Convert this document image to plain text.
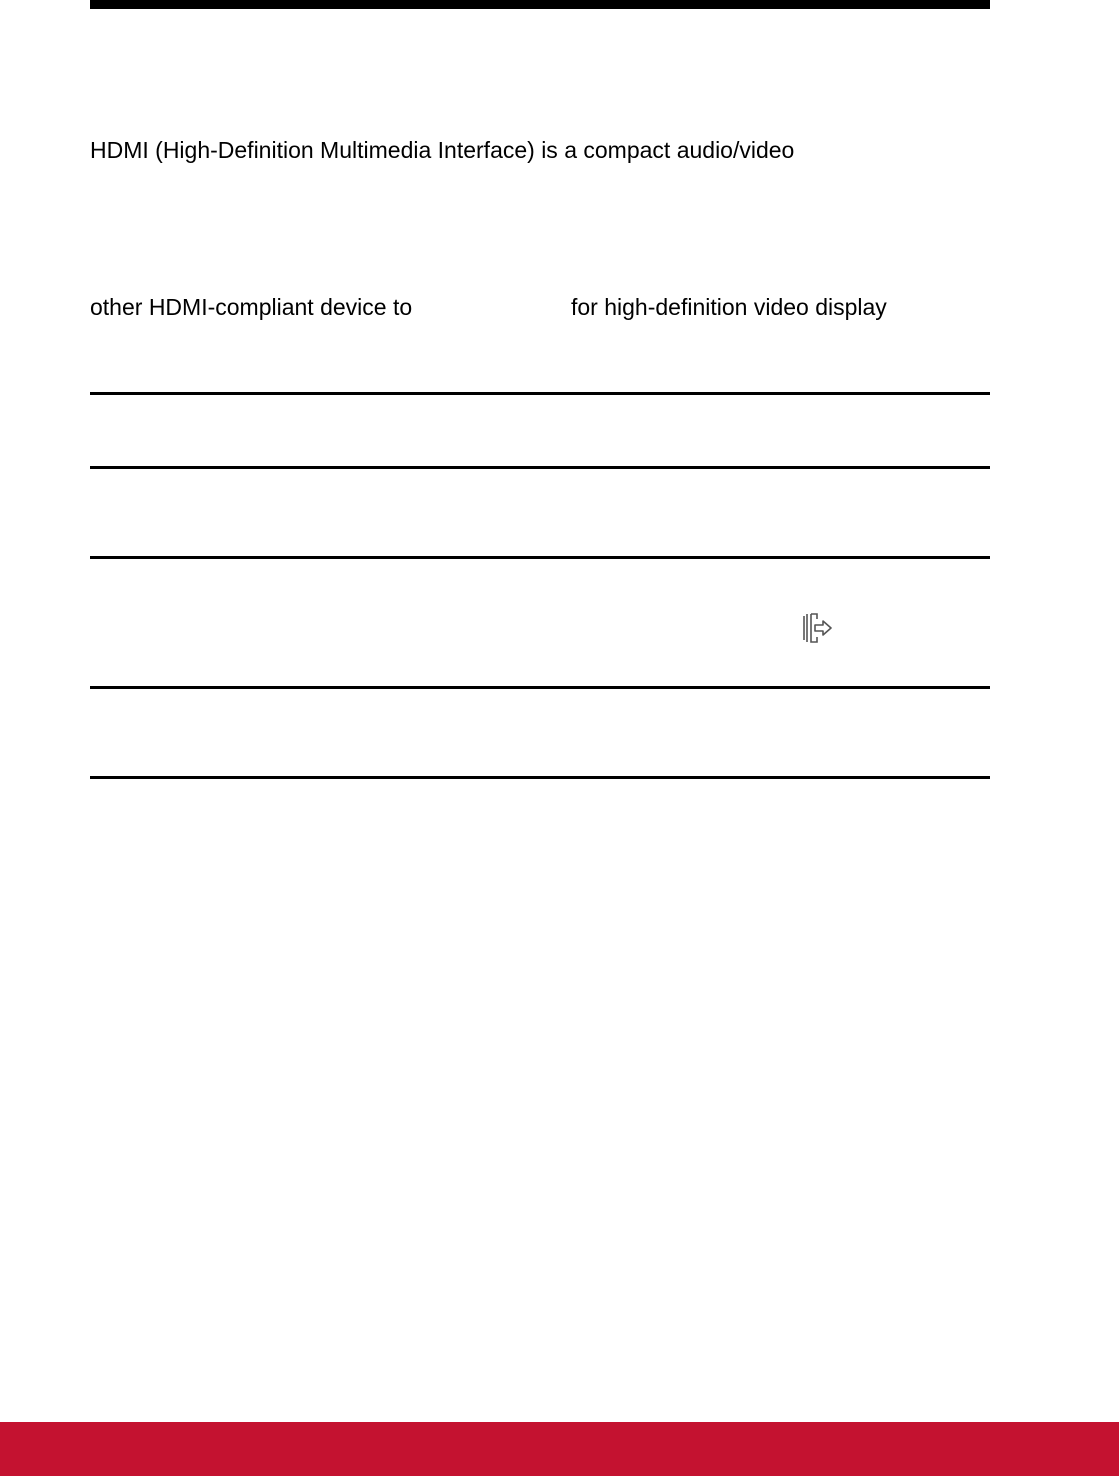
HDMI (High-Definition Multimedia Interface) is a compact audio/video
other HDMI-compliant device to	for high-definition video display
